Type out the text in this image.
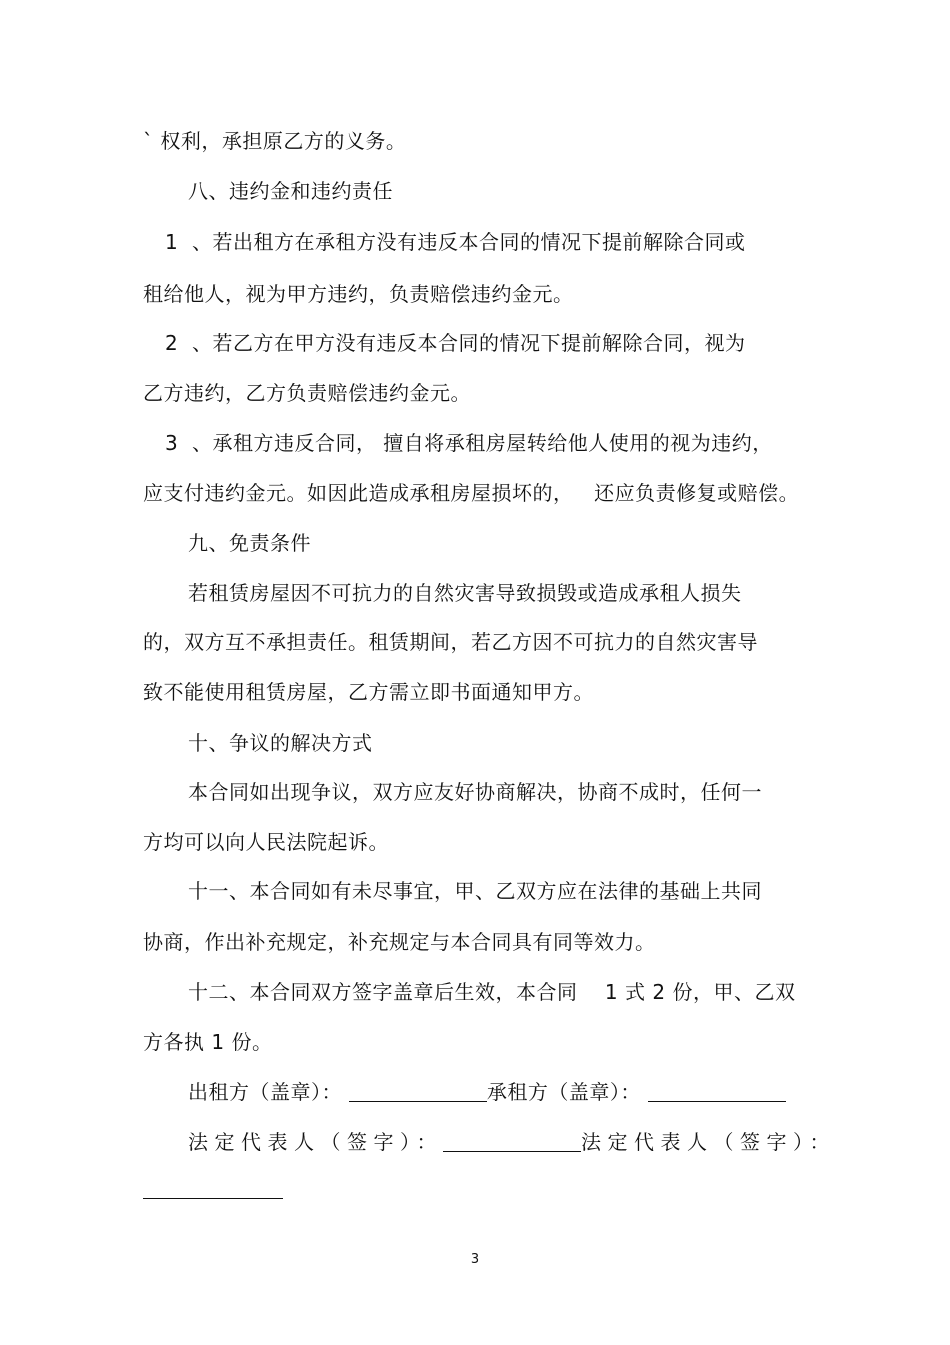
` 权利，承担原乙方的义务。
八、违约金和违约责任
1  、若出租方在承租方没有违反本合同的情况下提前解除合同或
租给他人，视为甲方违约，负责赔偿违约金元。
2  、若乙方在甲方没有违反本合同的情况下提前解除合同，视为
乙方违约，乙方负责赔偿违约金元。
3  、承租方违反合同， 擅自将承租房屋转给他人使用的视为违约，
应支付违约金元。如因此造成承租房屋损坏的，   还应负责修复或赔偿。
九、免责条件
若租赁房屋因不可抗力的自然灾害导致损毁或造成承租人损失
的，双方互不承担责任。租赁期间，若乙方因不可抗力的自然灾害导
致不能使用租赁房屋，乙方需立即书面通知甲方。
十、争议的解决方式
本合同如出现争议，双方应友好协商解决，协商不成时，任何一
方均可以向人民法院起诉。
十一、本合同如有未尽事宜，甲、乙双方应在法律的基础上共同
协商，作出补充规定，补充规定与本合同具有同等效力。
十二、本合同双方签字盖章后生效，本合同    1 式 2 份，甲、乙双
方各执 1 份。
出租方（盖章）：	承租方（盖章）：
法定代表人（签字）：	法定代表人（签字）：
3
